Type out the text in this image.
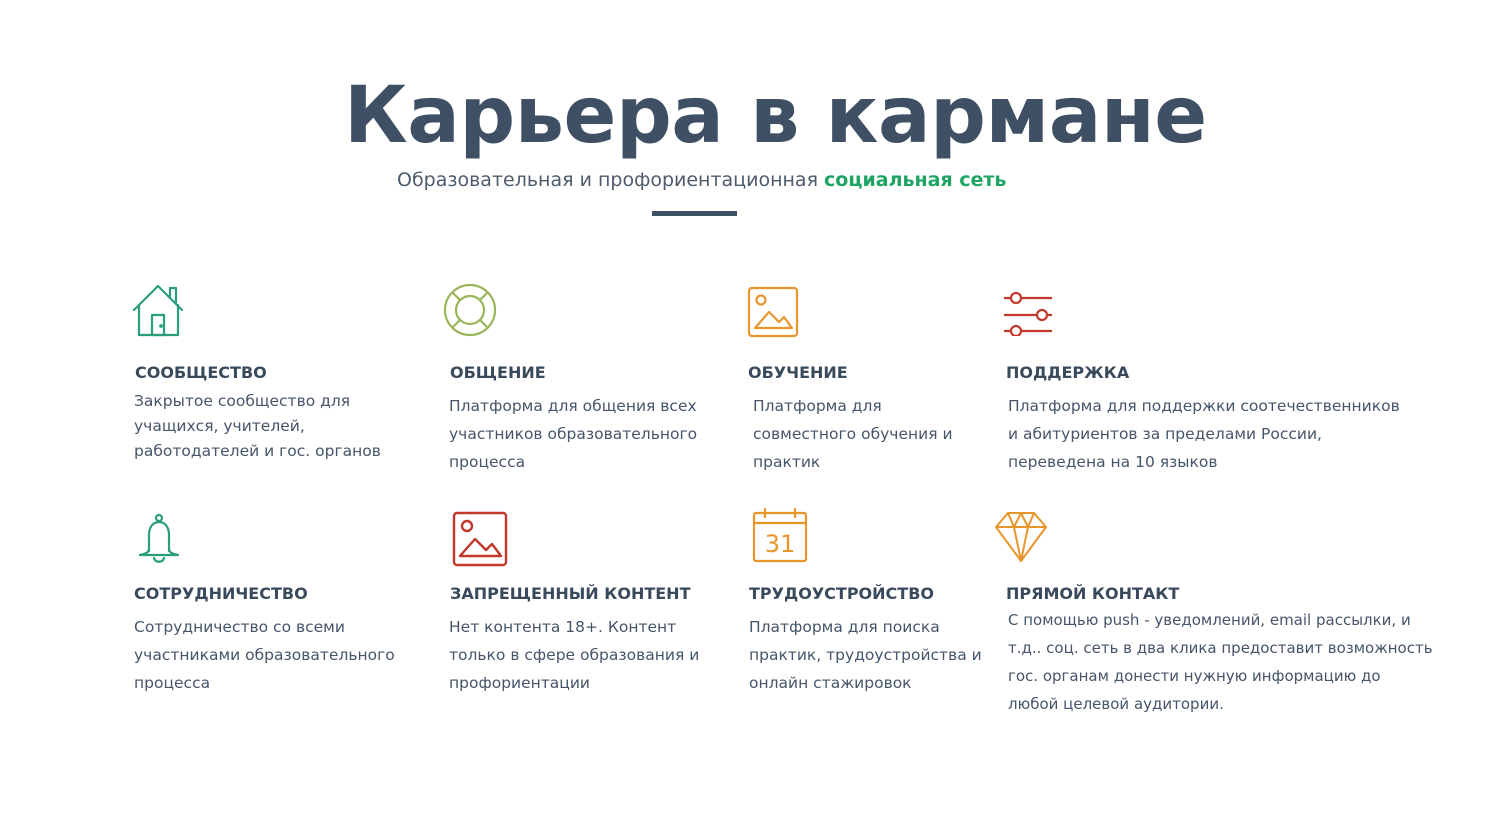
Карьера в кармане

Образовательная и профориентационная социальная сеть

СООБЩЕСТВО

Закрытое сообщество для
учащихся, учителей,
работодателей и гос. органов

ОБЩЕНИЕ

Платформа для общения всех
участников образовательного
процесса

ОБУЧЕНИЕ

Платформа для
совместного обучения и
практик

ПОДДЕРЖКА

Платформа для поддержки соотечественников
и абитуриентов за пределами России,
переведена на 10 языков

СОТРУДНИЧЕСТВО

Сотрудничество со всеми
участниками образовательного
процесса

ЗАПРЕЩЕННЫЙ КОНТЕНТ

Нет контента 18+. Контент
только в сфере образования и
профориентации

31

ТРУДОУСТРОЙСТВО

Платформа для поиска
практик, трудоустройства и
онлайн стажировок

ПРЯМОЙ КОНТАКТ

С помощью push - уведомлений, email рассылки, и
т.д.. соц. сеть в два клика предоставит возможность
гос. органам донести нужную информацию до
любой целевой аудитории.
